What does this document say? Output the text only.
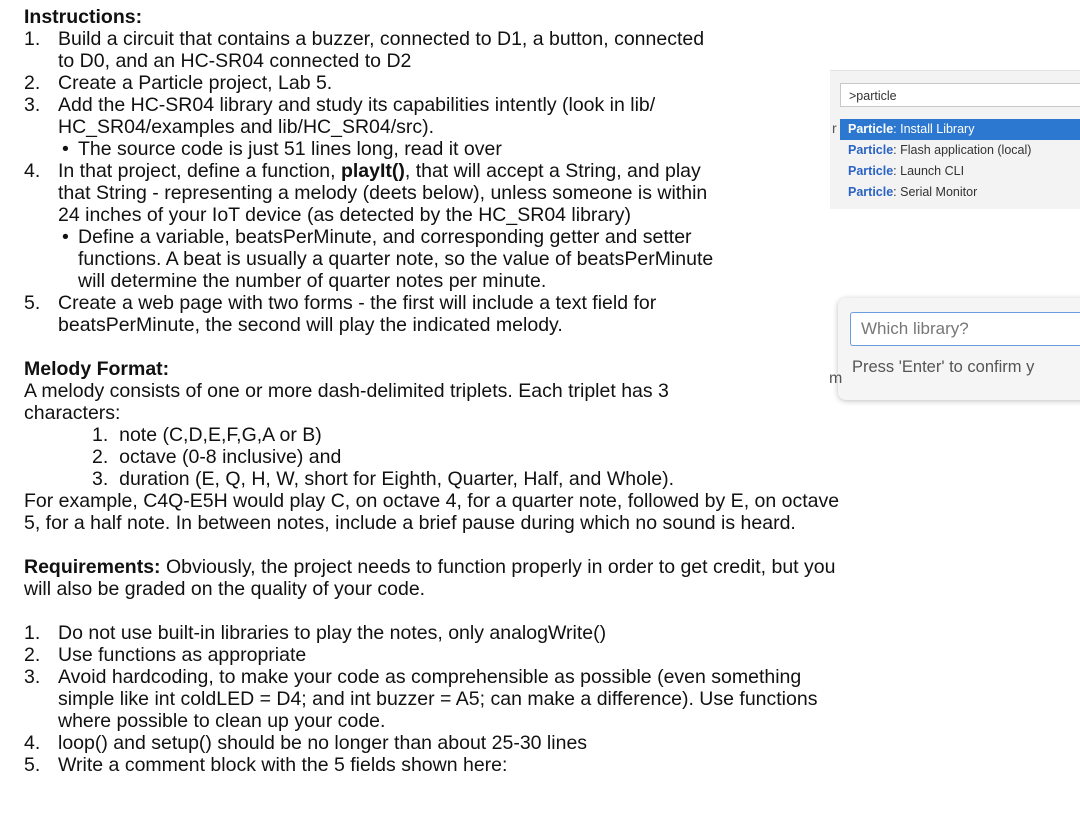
Instructions:
1. Build a circuit that contains a buzzer, connected to D1, a button, connected
to D0, and an HC-SR04 connected to D2
2. Create a Particle project, Lab 5.
3. Add the HC-SR04 library and study its capabilities intently (look in lib/
HC_SR04/examples and lib/HC_SR04/src).
• The source code is just 51 lines long, read it over
4. In that project, define a function, playIt(), that will accept a String, and play
that String - representing a melody (deets below), unless someone is within
24 inches of your IoT device (as detected by the HC_SR04 library)
• Define a variable, beatsPerMinute, and corresponding getter and setter
functions. A beat is usually a quarter note, so the value of beatsPerMinute
will determine the number of quarter notes per minute.
5. Create a web page with two forms - the first will include a text field for
beatsPerMinute, the second will play the indicated melody.
Melody Format:
A melody consists of one or more dash-delimited triplets. Each triplet has 3
characters:
1. note (C,D,E,F,G,A or B)
2. octave (0-8 inclusive) and
3. duration (E, Q, H, W, short for Eighth, Quarter, Half, and Whole).
For example, C4Q-E5H would play C, on octave 4, for a quarter note, followed by E, on octave
5, for a half note. In between notes, include a brief pause during which no sound is heard.
Requirements: Obviously, the project needs to function properly in order to get credit, but you
will also be graded on the quality of your code.
1. Do not use built-in libraries to play the notes, only analogWrite()
2. Use functions as appropriate
3. Avoid hardcoding, to make your code as comprehensible as possible (even something
simple like int coldLED = D4; and int buzzer = A5; can make a difference). Use functions
where possible to clean up your code.
4. loop() and setup() should be no longer than about 25-30 lines
5. Write a comment block with the 5 fields shown here:
>particle
Particle: Install Library
Particle: Flash application (local)
Particle: Launch CLI
Particle: Serial Monitor
r
Which library?
Press 'Enter' to confirm y
m
